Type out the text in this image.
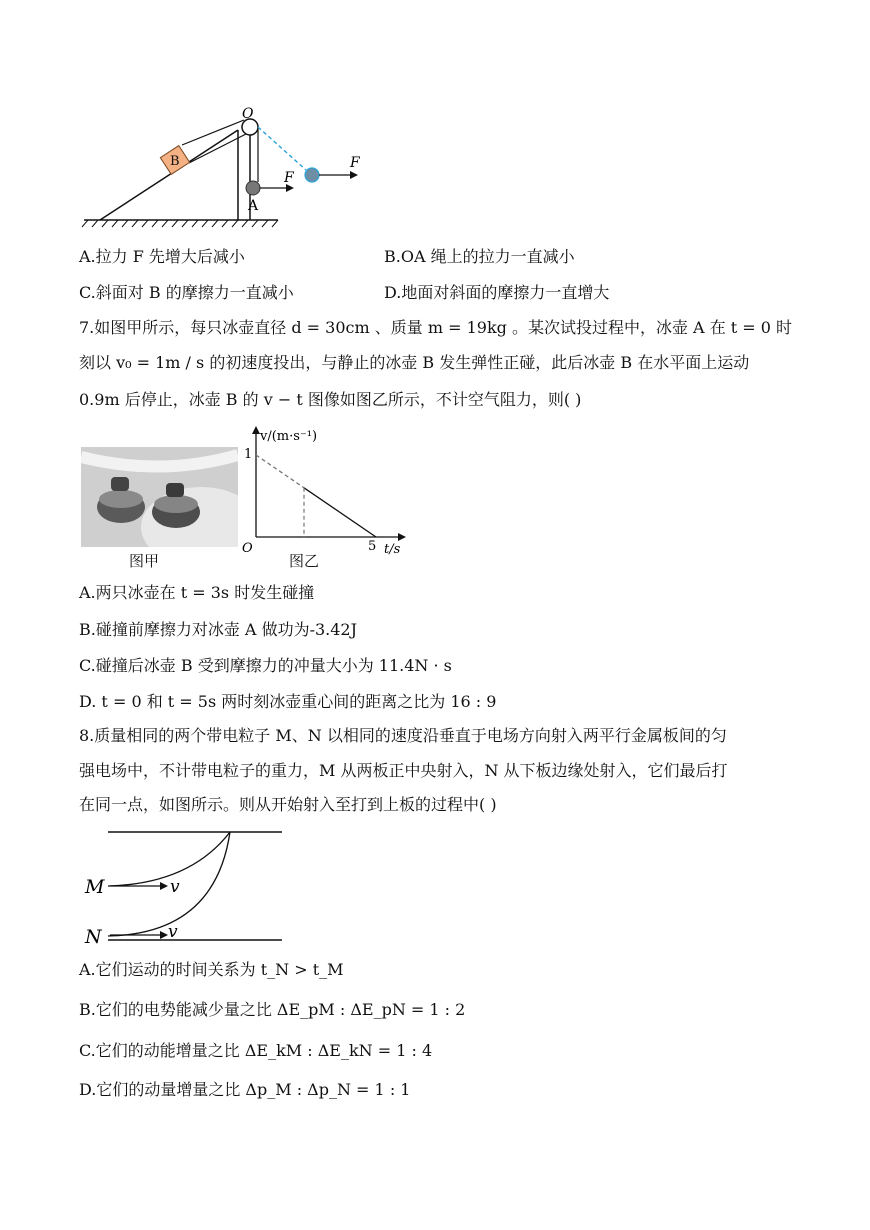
B
O
A
F
F
A.拉力 F 先增大后减小	B.OA 绳上的拉力一直减小
C.斜面对 B 的摩擦力一直减小	D.地面对斜面的摩擦力一直增大
7.如图甲所示，每只冰壶直径 d = 30cm 、质量 m = 19kg 。某次试投过程中，冰壶 A 在 t = 0 时
刻以 v₀ = 1m / s 的初速度投出，与静止的冰壶 B 发生弹性正碰，此后冰壶 B 在水平面上运动
0.9m 后停止，冰壶 B 的 v − t 图像如图乙所示，不计空气阻力，则( )
图甲
v/(m·s⁻¹)
1
O	5 t/s
图乙
A.两只冰壶在 t = 3s 时发生碰撞
B.碰撞前摩擦力对冰壶 A 做功为-3.42J
C.碰撞后冰壶 B 受到摩擦力的冲量大小为 11.4N · s
D. t = 0 和 t = 5s 两时刻冰壶重心间的距离之比为 16 : 9
8.质量相同的两个带电粒子 M、N 以相同的速度沿垂直于电场方向射入两平行金属板间的匀
强电场中，不计带电粒子的重力，M 从两板正中央射入，N 从下板边缘处射入，它们最后打
在同一点，如图所示。则从开始射入至打到上板的过程中( )
M
N
v
v
A.它们运动的时间关系为 t_N > t_M
B.它们的电势能减少量之比 ΔE_pM : ΔE_pN = 1 : 2
C.它们的动能增量之比 ΔE_kM : ΔE_kN = 1 : 4
D.它们的动量增量之比 Δp_M : Δp_N = 1 : 1
